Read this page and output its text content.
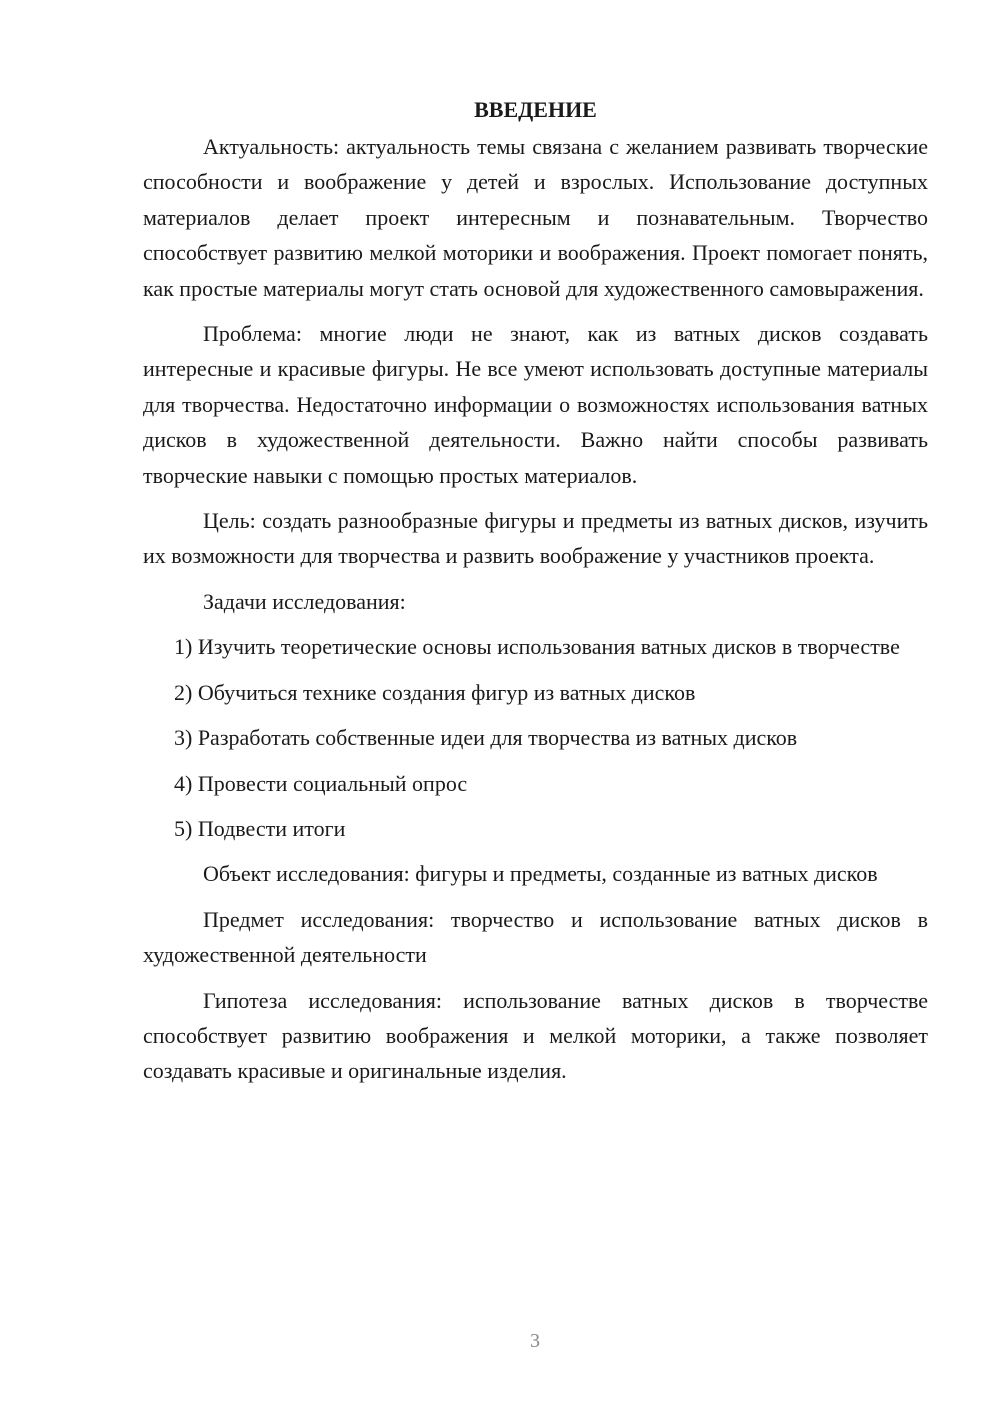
ВВЕДЕНИЕ

Актуальность: актуальность темы связана с желанием развивать творческие способности и воображение у детей и взрослых. Использование доступных материалов делает проект интересным и познавательным. Творчество способствует развитию мелкой моторики и воображения. Проект помогает понять, как простые материалы могут стать основой для художественного самовыражения.

Проблема: многие люди не знают, как из ватных дисков создавать интересные и красивые фигуры. Не все умеют использовать доступные материалы для творчества. Недостаточно информации о возможностях использования ватных дисков в художественной деятельности. Важно найти способы развивать творческие навыки с помощью простых материалов.

Цель: создать разнообразные фигуры и предметы из ватных дисков, изучить их возможности для творчества и развить воображение у участников проекта.

Задачи исследования:

1) Изучить теоретические основы использования ватных дисков в творчестве

2) Обучиться технике создания фигур из ватных дисков

3) Разработать собственные идеи для творчества из ватных дисков

4) Провести социальный опрос

5) Подвести итоги

Объект исследования: фигуры и предметы, созданные из ватных дисков

Предмет исследования: творчество и использование ватных дисков в художественной деятельности

Гипотеза исследования: использование ватных дисков в творчестве способствует развитию воображения и мелкой моторики, а также позволяет создавать красивые и оригинальные изделия.

3
